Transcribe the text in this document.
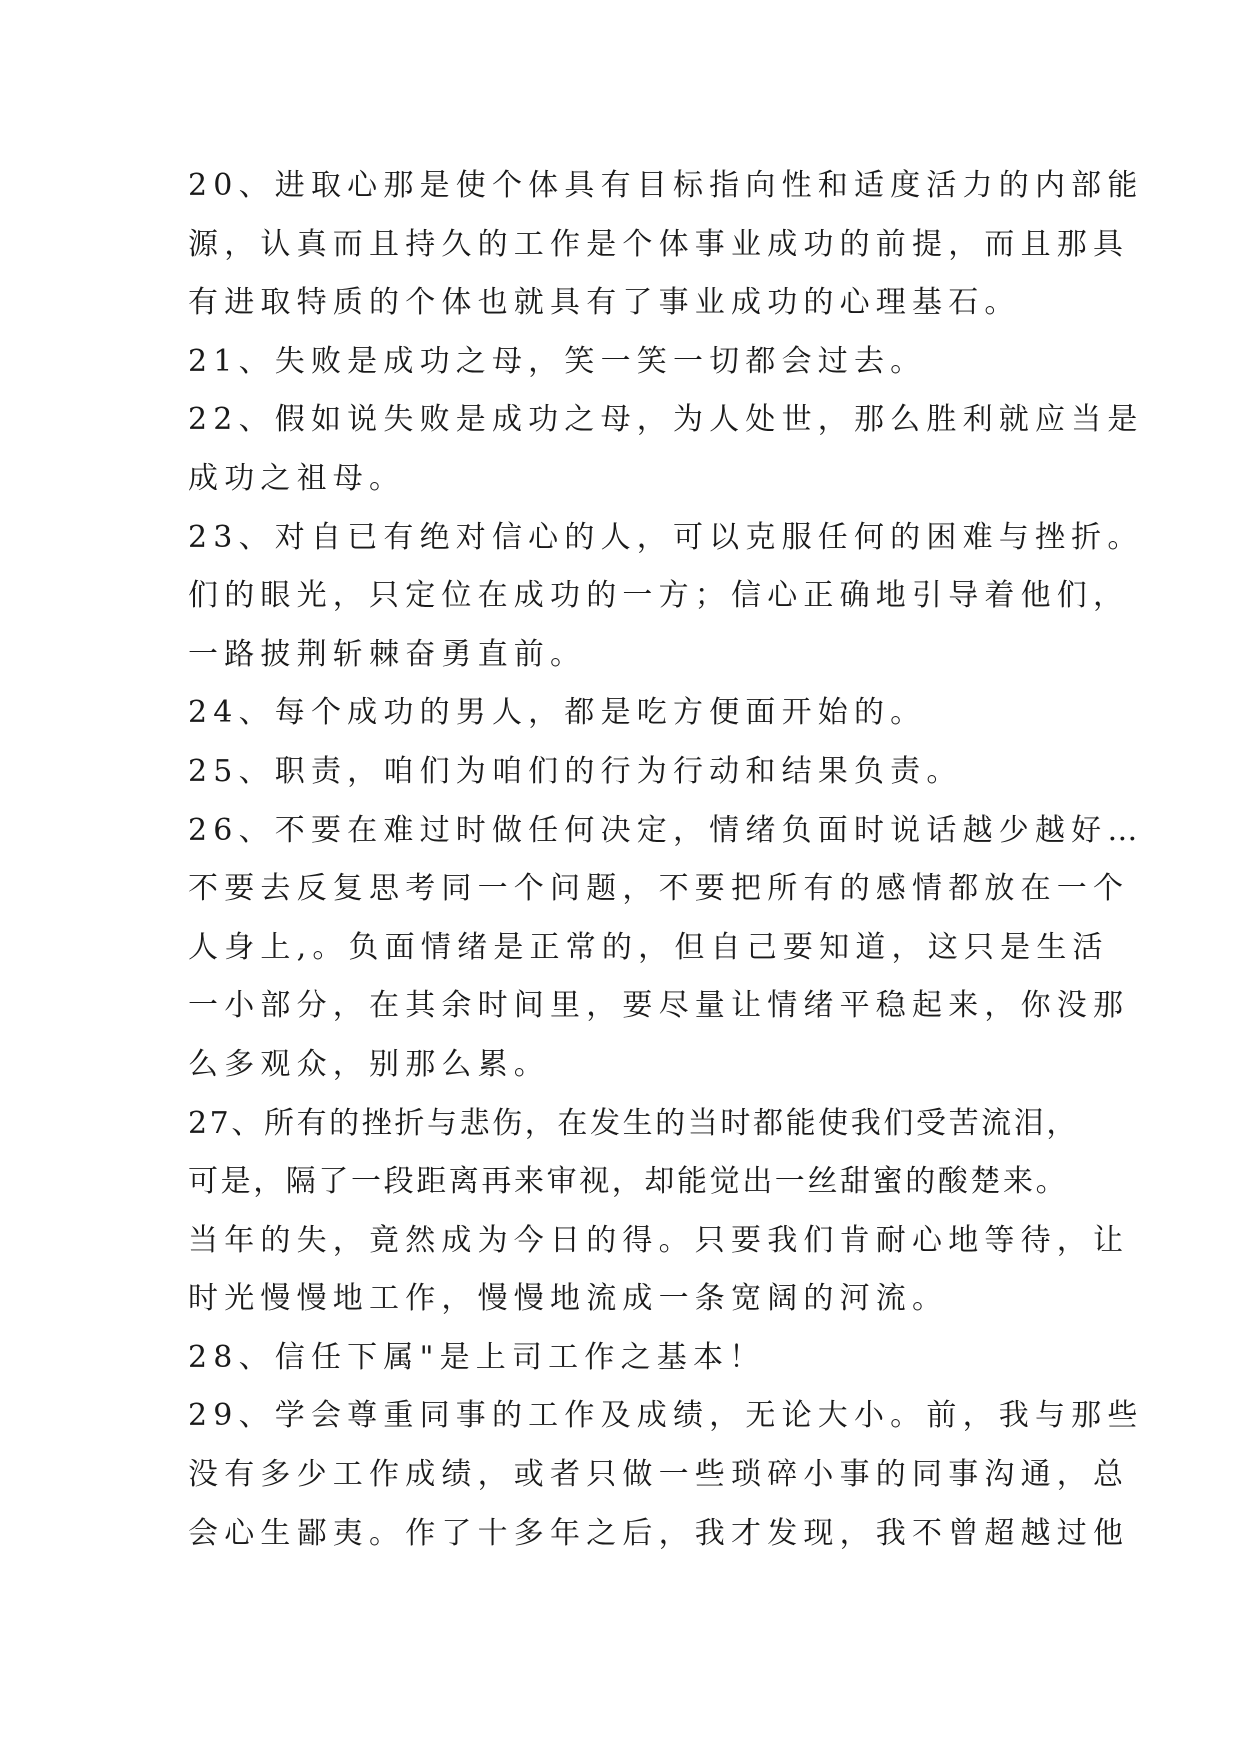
20、进取心那是使个体具有目标指向性和适度活力的内部能
源，认真而且持久的工作是个体事业成功的前提，而且那具
有进取特质的个体也就具有了事业成功的心理基石。
21、失败是成功之母，笑一笑一切都会过去。
22、假如说失败是成功之母，为人处世，那么胜利就应当是
成功之祖母。
23、对自已有绝对信心的人，可以克服任何的困难与挫折。
们的眼光，只定位在成功的一方；信心正确地引导着他们，
一路披荆斩棘奋勇直前。
24、每个成功的男人，都是吃方便面开始的。
25、职责，咱们为咱们的行为行动和结果负责。
26、不要在难过时做任何决定，情绪负面时说话越少越好…
不要去反复思考同一个问题，不要把所有的感情都放在一个
人身上,。负面情绪是正常的，但自己要知道，这只是生活
一小部分，在其余时间里，要尽量让情绪平稳起来，你没那
么多观众，别那么累。
27、所有的挫折与悲伤，在发生的当时都能使我们受苦流泪，
可是，隔了一段距离再来审视，却能觉出一丝甜蜜的酸楚来。
当年的失，竟然成为今日的得。只要我们肯耐心地等待，让
时光慢慢地工作，慢慢地流成一条宽阔的河流。
28、信任下属"是上司工作之基本！
29、学会尊重同事的工作及成绩，无论大小。前，我与那些
没有多少工作成绩，或者只做一些琐碎小事的同事沟通，总
会心生鄙夷。作了十多年之后，我才发现，我不曾超越过他
